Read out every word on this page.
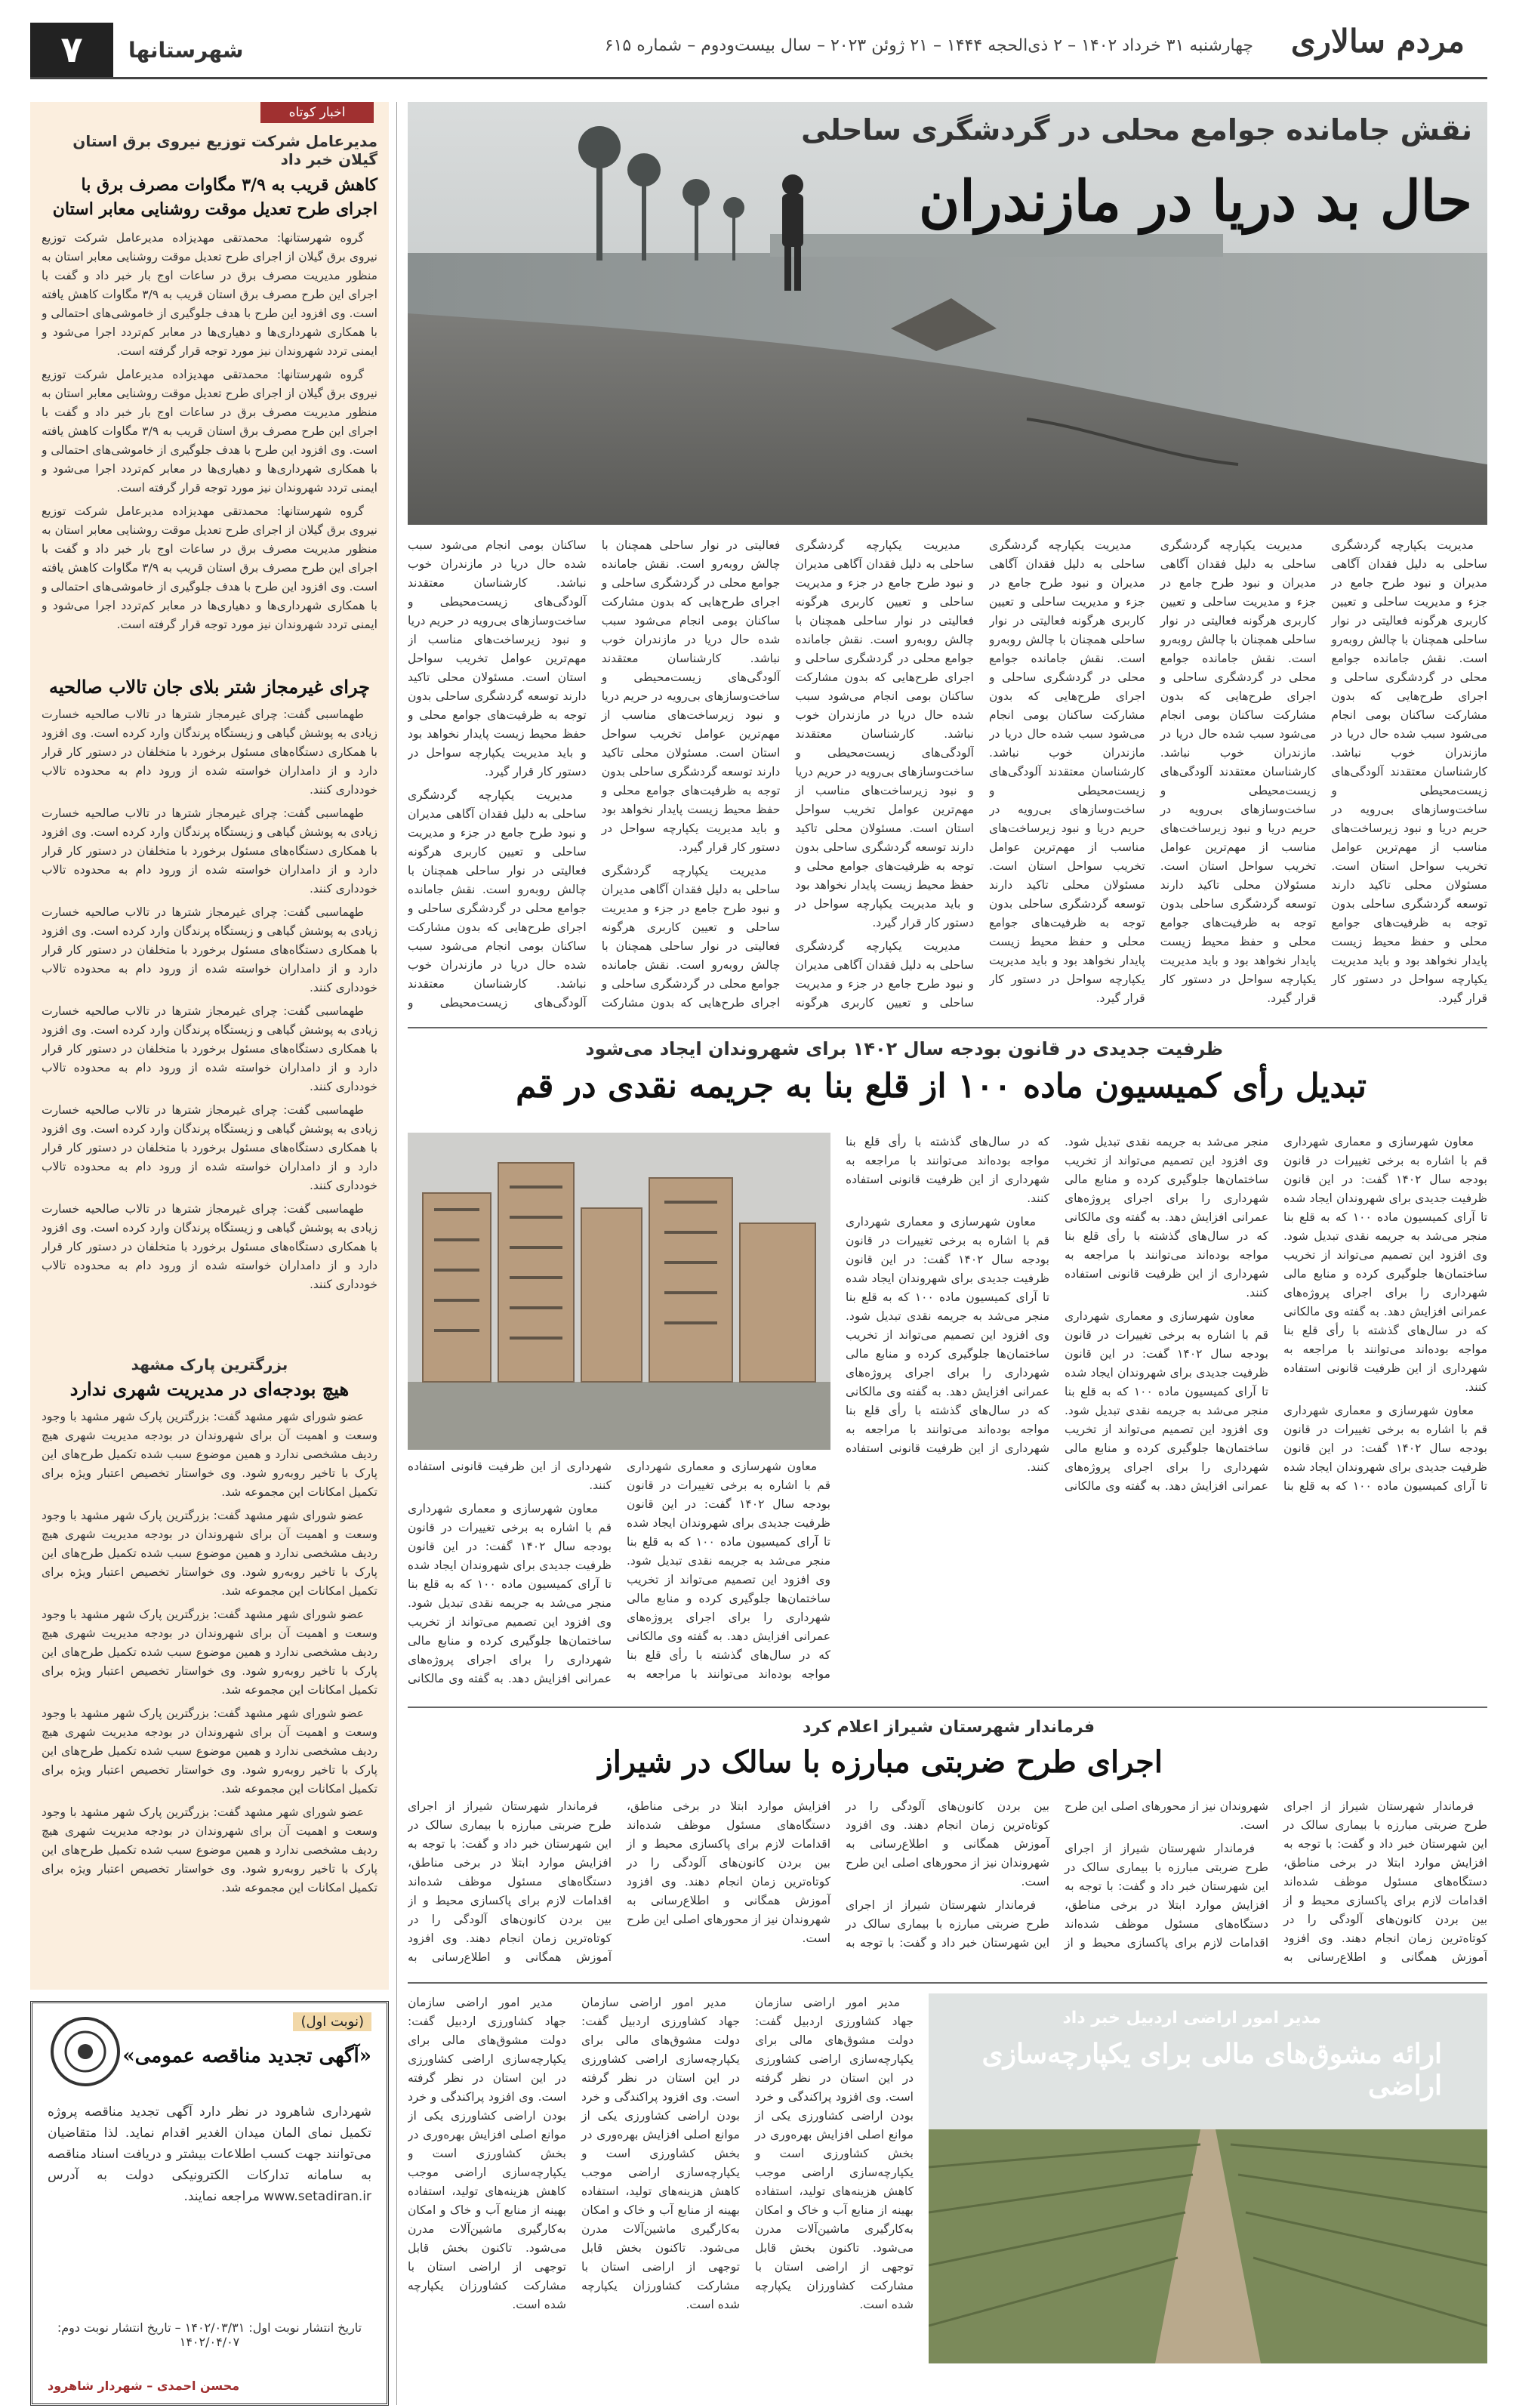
مردم سالاری
چهارشنبه ۳۱ خرداد ۱۴۰۲ – ۲ ذی‌الحجه ۱۴۴۴ – ۲۱ ژوئن ۲۰۲۳ – سال بیست‌ودوم – شماره ۶۱۵
شهرستانها
۷
نقش جامانده جوامع محلی در گردشگری ساحلی
حال بد دریا در مازندران

مدیریت یکپارچه گردشگری ساحلی به دلیل فقدان آگاهی مدیران و نبود طرح جامع در جزء و مدیریت ساحلی و تعیین کاربری هرگونه فعالیتی در نوار ساحلی همچنان با چالش روبه‌رو است. نقش جامانده جوامع محلی در گردشگری ساحلی و اجرای طرح‌هایی که بدون مشارکت ساکنان بومی انجام می‌شود سبب شده حال دریا در مازندران خوب نباشد. کارشناسان معتقدند آلودگی‌های زیست‌محیطی و ساخت‌وسازهای بی‌رویه در حریم دریا و نبود زیرساخت‌های مناسب از مهم‌ترین عوامل تخریب سواحل استان است. مسئولان محلی تاکید دارند توسعه گردشگری ساحلی بدون توجه به ظرفیت‌های جوامع محلی و حفظ محیط زیست پایدار نخواهد بود و باید مدیریت یکپارچه سواحل در دستور کار قرار گیرد.

مدیریت یکپارچه گردشگری ساحلی به دلیل فقدان آگاهی مدیران و نبود طرح جامع در جزء و مدیریت ساحلی و تعیین کاربری هرگونه فعالیتی در نوار ساحلی همچنان با چالش روبه‌رو است. نقش جامانده جوامع محلی در گردشگری ساحلی و اجرای طرح‌هایی که بدون مشارکت ساکنان بومی انجام می‌شود سبب شده حال دریا در مازندران خوب نباشد. کارشناسان معتقدند آلودگی‌های زیست‌محیطی و ساخت‌وسازهای بی‌رویه در حریم دریا و نبود زیرساخت‌های مناسب از مهم‌ترین عوامل تخریب سواحل استان است. مسئولان محلی تاکید دارند توسعه گردشگری ساحلی بدون توجه به ظرفیت‌های جوامع محلی و حفظ محیط زیست پایدار نخواهد بود و باید مدیریت یکپارچه سواحل در دستور کار قرار گیرد.

مدیریت یکپارچه گردشگری ساحلی به دلیل فقدان آگاهی مدیران و نبود طرح جامع در جزء و مدیریت ساحلی و تعیین کاربری هرگونه فعالیتی در نوار ساحلی همچنان با چالش روبه‌رو است. نقش جامانده جوامع محلی در گردشگری ساحلی و اجرای طرح‌هایی که بدون مشارکت ساکنان بومی انجام می‌شود سبب شده حال دریا در مازندران خوب نباشد. کارشناسان معتقدند آلودگی‌های زیست‌محیطی و ساخت‌وسازهای بی‌رویه در حریم دریا و نبود زیرساخت‌های مناسب از مهم‌ترین عوامل تخریب سواحل استان است. مسئولان محلی تاکید دارند توسعه گردشگری ساحلی بدون توجه به ظرفیت‌های جوامع محلی و حفظ محیط زیست پایدار نخواهد بود و باید مدیریت یکپارچه سواحل در دستور کار قرار گیرد.

مدیریت یکپارچه گردشگری ساحلی به دلیل فقدان آگاهی مدیران و نبود طرح جامع در جزء و مدیریت ساحلی و تعیین کاربری هرگونه فعالیتی در نوار ساحلی همچنان با چالش روبه‌رو است. نقش جامانده جوامع محلی در گردشگری ساحلی و اجرای طرح‌هایی که بدون مشارکت ساکنان بومی انجام می‌شود سبب شده حال دریا در مازندران خوب نباشد. کارشناسان معتقدند آلودگی‌های زیست‌محیطی و ساخت‌وسازهای بی‌رویه در حریم دریا و نبود زیرساخت‌های مناسب از مهم‌ترین عوامل تخریب سواحل استان است. مسئولان محلی تاکید دارند توسعه گردشگری ساحلی بدون توجه به ظرفیت‌های جوامع محلی و حفظ محیط زیست پایدار نخواهد بود و باید مدیریت یکپارچه سواحل در دستور کار قرار گیرد.

مدیریت یکپارچه گردشگری ساحلی به دلیل فقدان آگاهی مدیران و نبود طرح جامع در جزء و مدیریت ساحلی و تعیین کاربری هرگونه فعالیتی در نوار ساحلی همچنان با چالش روبه‌رو است. نقش جامانده جوامع محلی در گردشگری ساحلی و اجرای طرح‌هایی که بدون مشارکت ساکنان بومی انجام می‌شود سبب شده حال دریا در مازندران خوب نباشد. کارشناسان معتقدند آلودگی‌های زیست‌محیطی و ساخت‌وسازهای بی‌رویه در حریم دریا و نبود زیرساخت‌های مناسب از مهم‌ترین عوامل تخریب سواحل استان است. مسئولان محلی تاکید دارند توسعه گردشگری ساحلی بدون توجه به ظرفیت‌های جوامع محلی و حفظ محیط زیست پایدار نخواهد بود و باید مدیریت یکپارچه سواحل در دستور کار قرار گیرد.

مدیریت یکپارچه گردشگری ساحلی به دلیل فقدان آگاهی مدیران و نبود طرح جامع در جزء و مدیریت ساحلی و تعیین کاربری هرگونه فعالیتی در نوار ساحلی همچنان با چالش روبه‌رو است. نقش جامانده جوامع محلی در گردشگری ساحلی و اجرای طرح‌هایی که بدون مشارکت ساکنان بومی انجام می‌شود سبب شده حال دریا در مازندران خوب نباشد. کارشناسان معتقدند آلودگی‌های زیست‌محیطی و ساخت‌وسازهای بی‌رویه در حریم دریا و نبود زیرساخت‌های مناسب از مهم‌ترین عوامل تخریب سواحل استان است. مسئولان محلی تاکید دارند توسعه گردشگری ساحلی بدون توجه به ظرفیت‌های جوامع محلی و حفظ محیط زیست پایدار نخواهد بود و باید مدیریت یکپارچه سواحل در دستور کار قرار گیرد.

مدیریت یکپارچه گردشگری ساحلی به دلیل فقدان آگاهی مدیران و نبود طرح جامع در جزء و مدیریت ساحلی و تعیین کاربری هرگونه فعالیتی در نوار ساحلی همچنان با چالش روبه‌رو است. نقش جامانده جوامع محلی در گردشگری ساحلی و اجرای طرح‌هایی که بدون مشارکت ساکنان بومی انجام می‌شود سبب شده حال دریا در مازندران خوب نباشد. کارشناسان معتقدند آلودگی‌های زیست‌محیطی و

ظرفیت جدیدی در قانون بودجه سال ۱۴۰۲ برای شهروندان ایجاد می‌شود
تبدیل رأی کمیسیون ماده ۱۰۰ از قلع بنا به جریمه نقدی در قم

معاون شهرسازی و معماری شهرداری قم با اشاره به برخی تغییرات در قانون بودجه سال ۱۴۰۲ گفت: در این قانون ظرفیت جدیدی برای شهروندان ایجاد شده تا آرای کمیسیون ماده ۱۰۰ که به قلع بنا منجر می‌شد به جریمه نقدی تبدیل شود. وی افزود این تصمیم می‌تواند از تخریب ساختمان‌ها جلوگیری کرده و منابع مالی شهرداری را برای اجرای پروژه‌های عمرانی افزایش دهد. به گفته وی مالکانی که در سال‌های گذشته با رأی قلع بنا مواجه بوده‌اند می‌توانند با مراجعه به شهرداری از این ظرفیت قانونی استفاده کنند.

معاون شهرسازی و معماری شهرداری قم با اشاره به برخی تغییرات در قانون بودجه سال ۱۴۰۲ گفت: در این قانون ظرفیت جدیدی برای شهروندان ایجاد شده تا آرای کمیسیون ماده ۱۰۰ که به قلع بنا منجر می‌شد به جریمه نقدی تبدیل شود. وی افزود این تصمیم می‌تواند از تخریب ساختمان‌ها جلوگیری کرده و منابع مالی شهرداری را برای اجرای پروژه‌های عمرانی افزایش دهد. به گفته وی مالکانی که در سال‌های گذشته با رأی قلع بنا مواجه بوده‌اند می‌توانند با مراجعه به شهرداری از این ظرفیت قانونی استفاده کنند.

معاون شهرسازی و معماری شهرداری قم با اشاره به برخی تغییرات در قانون بودجه سال ۱۴۰۲ گفت: در این قانون ظرفیت جدیدی برای شهروندان ایجاد شده تا آرای کمیسیون ماده ۱۰۰ که به قلع بنا منجر می‌شد به جریمه نقدی تبدیل شود. وی افزود این تصمیم می‌تواند از تخریب ساختمان‌ها جلوگیری کرده و منابع مالی شهرداری را برای اجرای پروژه‌های عمرانی افزایش دهد. به گفته وی مالکانی که در سال‌های گذشته با رأی قلع بنا مواجه بوده‌اند می‌توانند با مراجعه به شهرداری از این ظرفیت قانونی استفاده کنند.

معاون شهرسازی و معماری شهرداری قم با اشاره به برخی تغییرات در قانون بودجه سال ۱۴۰۲ گفت: در این قانون ظرفیت جدیدی برای شهروندان ایجاد شده تا آرای کمیسیون ماده ۱۰۰ که به قلع بنا منجر می‌شد به جریمه نقدی تبدیل شود. وی افزود این تصمیم می‌تواند از تخریب ساختمان‌ها جلوگیری کرده و منابع مالی شهرداری را برای اجرای پروژه‌های عمرانی افزایش دهد. به گفته وی مالکانی که در سال‌های گذشته با رأی قلع بنا مواجه بوده‌اند می‌توانند با مراجعه به شهرداری از این ظرفیت قانونی استفاده کنند.

معاون شهرسازی و معماری شهرداری قم با اشاره به برخی تغییرات در قانون بودجه سال ۱۴۰۲ گفت: در این قانون ظرفیت جدیدی برای شهروندان ایجاد شده تا آرای کمیسیون ماده ۱۰۰ که به قلع بنا منجر می‌شد به جریمه نقدی تبدیل شود. وی افزود این تصمیم می‌تواند از تخریب ساختمان‌ها جلوگیری کرده و منابع مالی شهرداری را برای اجرای پروژه‌های عمرانی افزایش دهد. به گفته وی مالکانی که در سال‌های گذشته با رأی قلع بنا مواجه بوده‌اند می‌توانند با مراجعه به شهرداری از این ظرفیت قانونی استفاده کنند.

معاون شهرسازی و معماری شهرداری قم با اشاره به برخی تغییرات در قانون بودجه سال ۱۴۰۲ گفت: در این قانون ظرفیت جدیدی برای شهروندان ایجاد شده تا آرای کمیسیون ماده ۱۰۰ که به قلع بنا منجر می‌شد به جریمه نقدی تبدیل شود. وی افزود این تصمیم می‌تواند از تخریب ساختمان‌ها جلوگیری کرده و منابع مالی شهرداری را برای اجرای پروژه‌های عمرانی افزایش دهد. به گفته وی مالکانی

فرماندار شهرستان شیراز اعلام کرد
اجرای طرح ضربتی مبارزه با سالک در شیراز

فرماندار شهرستان شیراز از اجرای طرح ضربتی مبارزه با بیماری سالک در این شهرستان خبر داد و گفت: با توجه به افزایش موارد ابتلا در برخی مناطق، دستگاه‌های مسئول موظف شده‌اند اقدامات لازم برای پاکسازی محیط و از بین بردن کانون‌های آلودگی را در کوتاه‌ترین زمان انجام دهند. وی افزود آموزش همگانی و اطلاع‌رسانی به شهروندان نیز از محورهای اصلی این طرح است.

فرماندار شهرستان شیراز از اجرای طرح ضربتی مبارزه با بیماری سالک در این شهرستان خبر داد و گفت: با توجه به افزایش موارد ابتلا در برخی مناطق، دستگاه‌های مسئول موظف شده‌اند اقدامات لازم برای پاکسازی محیط و از بین بردن کانون‌های آلودگی را در کوتاه‌ترین زمان انجام دهند. وی افزود آموزش همگانی و اطلاع‌رسانی به شهروندان نیز از محورهای اصلی این طرح است.

فرماندار شهرستان شیراز از اجرای طرح ضربتی مبارزه با بیماری سالک در این شهرستان خبر داد و گفت: با توجه به افزایش موارد ابتلا در برخی مناطق، دستگاه‌های مسئول موظف شده‌اند اقدامات لازم برای پاکسازی محیط و از بین بردن کانون‌های آلودگی را در کوتاه‌ترین زمان انجام دهند. وی افزود آموزش همگانی و اطلاع‌رسانی به شهروندان نیز از محورهای اصلی این طرح است.

فرماندار شهرستان شیراز از اجرای طرح ضربتی مبارزه با بیماری سالک در این شهرستان خبر داد و گفت: با توجه به افزایش موارد ابتلا در برخی مناطق، دستگاه‌های مسئول موظف شده‌اند اقدامات لازم برای پاکسازی محیط و از بین بردن کانون‌های آلودگی را در کوتاه‌ترین زمان انجام دهند. وی افزود آموزش همگانی و اطلاع‌رسانی به

مدیر امور اراضی اردبیل خبر داد
ارائه مشوق‌های مالی برای یکپارچه‌سازی اراضی

مدیر امور اراضی سازمان جهاد کشاورزی اردبیل گفت: دولت مشوق‌های مالی برای یکپارچه‌سازی اراضی کشاورزی در این استان در نظر گرفته است. وی افزود پراکندگی و خرد بودن اراضی کشاورزی یکی از موانع اصلی افزایش بهره‌وری در بخش کشاورزی است و یکپارچه‌سازی اراضی موجب کاهش هزینه‌های تولید، استفاده بهینه از منابع آب و خاک و امکان به‌کارگیری ماشین‌آلات مدرن می‌شود. تاکنون بخش قابل توجهی از اراضی استان با مشارکت کشاورزان یکپارچه شده است.

مدیر امور اراضی سازمان جهاد کشاورزی اردبیل گفت: دولت مشوق‌های مالی برای یکپارچه‌سازی اراضی کشاورزی در این استان در نظر گرفته است. وی افزود پراکندگی و خرد بودن اراضی کشاورزی یکی از موانع اصلی افزایش بهره‌وری در بخش کشاورزی است و یکپارچه‌سازی اراضی موجب کاهش هزینه‌های تولید، استفاده بهینه از منابع آب و خاک و امکان به‌کارگیری ماشین‌آلات مدرن می‌شود. تاکنون بخش قابل توجهی از اراضی استان با مشارکت کشاورزان یکپارچه شده است.

مدیر امور اراضی سازمان جهاد کشاورزی اردبیل گفت: دولت مشوق‌های مالی برای یکپارچه‌سازی اراضی کشاورزی در این استان در نظر گرفته است. وی افزود پراکندگی و خرد بودن اراضی کشاورزی یکی از موانع اصلی افزایش بهره‌وری در بخش کشاورزی است و یکپارچه‌سازی اراضی موجب کاهش هزینه‌های تولید، استفاده بهینه از منابع آب و خاک و امکان به‌کارگیری ماشین‌آلات مدرن می‌شود. تاکنون بخش قابل توجهی از اراضی استان با مشارکت کشاورزان یکپارچه شده است.

اخبار کوتاه
مدیرعامل شرکت توزیع نیروی برق استان گیلان خبر داد
کاهش قریب به ۳/۹ مگاوات مصرف برق با اجرای طرح تعدیل موقت روشنایی معابر استان

گروه شهرستانها: محمدتقی مهدیزاده مدیرعامل شرکت توزیع نیروی برق گیلان از اجرای طرح تعدیل موقت روشنایی معابر استان به منظور مدیریت مصرف برق در ساعات اوج بار خبر داد و گفت با اجرای این طرح مصرف برق استان قریب به ۳/۹ مگاوات کاهش یافته است. وی افزود این طرح با هدف جلوگیری از خاموشی‌های احتمالی و با همکاری شهرداری‌ها و دهیاری‌ها در معابر کم‌تردد اجرا می‌شود و ایمنی تردد شهروندان نیز مورد توجه قرار گرفته است.

گروه شهرستانها: محمدتقی مهدیزاده مدیرعامل شرکت توزیع نیروی برق گیلان از اجرای طرح تعدیل موقت روشنایی معابر استان به منظور مدیریت مصرف برق در ساعات اوج بار خبر داد و گفت با اجرای این طرح مصرف برق استان قریب به ۳/۹ مگاوات کاهش یافته است. وی افزود این طرح با هدف جلوگیری از خاموشی‌های احتمالی و با همکاری شهرداری‌ها و دهیاری‌ها در معابر کم‌تردد اجرا می‌شود و ایمنی تردد شهروندان نیز مورد توجه قرار گرفته است.

گروه شهرستانها: محمدتقی مهدیزاده مدیرعامل شرکت توزیع نیروی برق گیلان از اجرای طرح تعدیل موقت روشنایی معابر استان به منظور مدیریت مصرف برق در ساعات اوج بار خبر داد و گفت با اجرای این طرح مصرف برق استان قریب به ۳/۹ مگاوات کاهش یافته است. وی افزود این طرح با هدف جلوگیری از خاموشی‌های احتمالی و با همکاری شهرداری‌ها و دهیاری‌ها در معابر کم‌تردد اجرا می‌شود و ایمنی تردد شهروندان نیز مورد توجه قرار گرفته است.

چرای غیرمجاز شتر بلای جان تالاب صالحیه

طهماسبی گفت: چرای غیرمجاز شترها در تالاب صالحیه خسارت زیادی به پوشش گیاهی و زیستگاه پرندگان وارد کرده است. وی افزود با همکاری دستگاه‌های مسئول برخورد با متخلفان در دستور کار قرار دارد و از دامداران خواسته شده از ورود دام به محدوده تالاب خودداری کنند.

طهماسبی گفت: چرای غیرمجاز شترها در تالاب صالحیه خسارت زیادی به پوشش گیاهی و زیستگاه پرندگان وارد کرده است. وی افزود با همکاری دستگاه‌های مسئول برخورد با متخلفان در دستور کار قرار دارد و از دامداران خواسته شده از ورود دام به محدوده تالاب خودداری کنند.

طهماسبی گفت: چرای غیرمجاز شترها در تالاب صالحیه خسارت زیادی به پوشش گیاهی و زیستگاه پرندگان وارد کرده است. وی افزود با همکاری دستگاه‌های مسئول برخورد با متخلفان در دستور کار قرار دارد و از دامداران خواسته شده از ورود دام به محدوده تالاب خودداری کنند.

طهماسبی گفت: چرای غیرمجاز شترها در تالاب صالحیه خسارت زیادی به پوشش گیاهی و زیستگاه پرندگان وارد کرده است. وی افزود با همکاری دستگاه‌های مسئول برخورد با متخلفان در دستور کار قرار دارد و از دامداران خواسته شده از ورود دام به محدوده تالاب خودداری کنند.

طهماسبی گفت: چرای غیرمجاز شترها در تالاب صالحیه خسارت زیادی به پوشش گیاهی و زیستگاه پرندگان وارد کرده است. وی افزود با همکاری دستگاه‌های مسئول برخورد با متخلفان در دستور کار قرار دارد و از دامداران خواسته شده از ورود دام به محدوده تالاب خودداری کنند.

طهماسبی گفت: چرای غیرمجاز شترها در تالاب صالحیه خسارت زیادی به پوشش گیاهی و زیستگاه پرندگان وارد کرده است. وی افزود با همکاری دستگاه‌های مسئول برخورد با متخلفان در دستور کار قرار دارد و از دامداران خواسته شده از ورود دام به محدوده تالاب خودداری کنند.

بزرگترین پارک مشهد
هیچ بودجه‌ای در مدیریت شهری ندارد

عضو شورای شهر مشهد گفت: بزرگترین پارک شهر مشهد با وجود وسعت و اهمیت آن برای شهروندان در بودجه مدیریت شهری هیچ ردیف مشخصی ندارد و همین موضوع سبب شده تکمیل طرح‌های این پارک با تاخیر روبه‌رو شود. وی خواستار تخصیص اعتبار ویژه برای تکمیل امکانات این مجموعه شد.

عضو شورای شهر مشهد گفت: بزرگترین پارک شهر مشهد با وجود وسعت و اهمیت آن برای شهروندان در بودجه مدیریت شهری هیچ ردیف مشخصی ندارد و همین موضوع سبب شده تکمیل طرح‌های این پارک با تاخیر روبه‌رو شود. وی خواستار تخصیص اعتبار ویژه برای تکمیل امکانات این مجموعه شد.

عضو شورای شهر مشهد گفت: بزرگترین پارک شهر مشهد با وجود وسعت و اهمیت آن برای شهروندان در بودجه مدیریت شهری هیچ ردیف مشخصی ندارد و همین موضوع سبب شده تکمیل طرح‌های این پارک با تاخیر روبه‌رو شود. وی خواستار تخصیص اعتبار ویژه برای تکمیل امکانات این مجموعه شد.

عضو شورای شهر مشهد گفت: بزرگترین پارک شهر مشهد با وجود وسعت و اهمیت آن برای شهروندان در بودجه مدیریت شهری هیچ ردیف مشخصی ندارد و همین موضوع سبب شده تکمیل طرح‌های این پارک با تاخیر روبه‌رو شود. وی خواستار تخصیص اعتبار ویژه برای تکمیل امکانات این مجموعه شد.

عضو شورای شهر مشهد گفت: بزرگترین پارک شهر مشهد با وجود وسعت و اهمیت آن برای شهروندان در بودجه مدیریت شهری هیچ ردیف مشخصی ندارد و همین موضوع سبب شده تکمیل طرح‌های این پارک با تاخیر روبه‌رو شود. وی خواستار تخصیص اعتبار ویژه برای تکمیل امکانات این مجموعه شد.

(نوبت اول)
«آگهی تجدید مناقصه عمومی»
شهرداری شاهرود در نظر دارد آگهی تجدید مناقصه پروژه تکمیل نمای المان میدان الغدیر اقدام نماید. لذا متقاضیان می‌توانند جهت کسب اطلاعات بیشتر و دریافت اسناد مناقصه به سامانه تدارکات الکترونیکی دولت به آدرس www.setadiran.ir مراجعه نمایند.
تاریخ انتشار نوبت اول: ۱۴۰۲/۰۳/۳۱ – تاریخ انتشار نوبت دوم: ۱۴۰۲/۰۴/۰۷
محسن احمدی – شهردار شاهرود
